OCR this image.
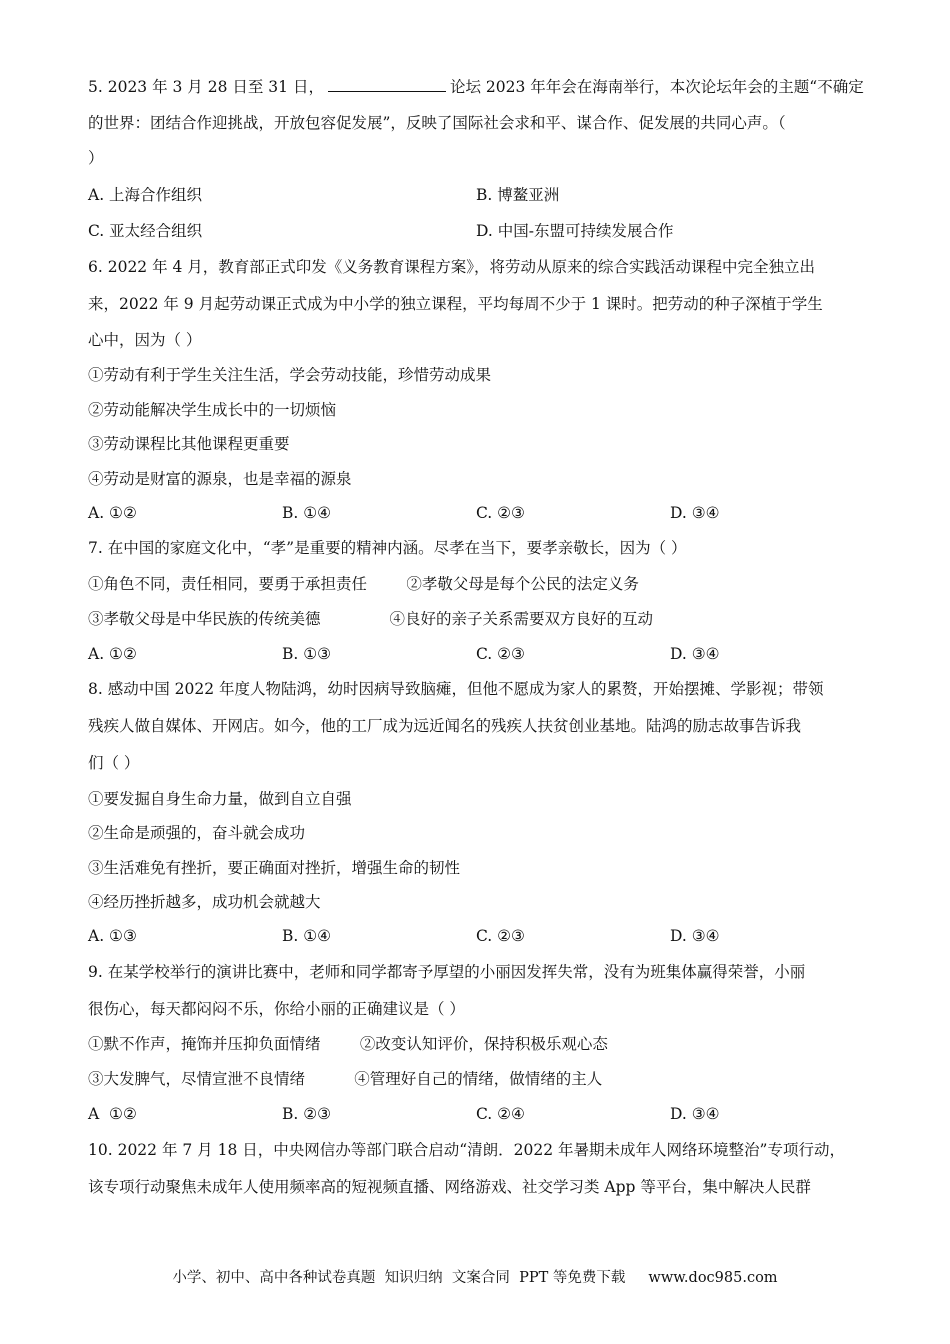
5. 2023 年 3 月 28 日至 31 日，	论坛 2023 年年会在海南举行，本次论坛年会的主题“不确定
的世界：团结合作迎挑战，开放包容促发展”，反映了国际社会求和平、谋合作、促发展的共同心声。（
）
A. 上海合作组织	B. 博鳌亚洲
C. 亚太经合组织	D. 中国-东盟可持续发展合作
6. 2022 年 4 月，教育部正式印发《义务教育课程方案》，将劳动从原来的综合实践活动课程中完全独立出
来，2022 年 9 月起劳动课正式成为中小学的独立课程，平均每周不少于 1 课时。把劳动的种子深植于学生
心中，因为（ ）
①劳动有利于学生关注生活，学会劳动技能，珍惜劳动成果
②劳动能解决学生成长中的一切烦恼
③劳动课程比其他课程更重要
④劳动是财富的源泉，也是幸福的源泉
A. ①②	B. ①④	C. ②③	D. ③④
7. 在中国的家庭文化中，“孝”是重要的精神内涵。尽孝在当下，要孝亲敬长，因为（ ）
①角色不同，责任相同，要勇于承担责任        ②孝敬父母是每个公民的法定义务
③孝敬父母是中华民族的传统美德              ④良好的亲子关系需要双方良好的互动
A. ①②	B. ①③	C. ②③	D. ③④
8. 感动中国 2022 年度人物陆鸿，幼时因病导致脑瘫，但他不愿成为家人的累赘，开始摆摊、学影视；带领
残疾人做自媒体、开网店。如今，他的工厂成为远近闻名的残疾人扶贫创业基地。陆鸿的励志故事告诉我
们（ ）
①要发掘自身生命力量，做到自立自强
②生命是顽强的，奋斗就会成功
③生活难免有挫折，要正确面对挫折，增强生命的韧性
④经历挫折越多，成功机会就越大
A. ①③	B. ①④	C. ②③	D. ③④
9. 在某学校举行的演讲比赛中，老师和同学都寄予厚望的小丽因发挥失常，没有为班集体赢得荣誉，小丽
很伤心，每天都闷闷不乐，你给小丽的正确建议是（ ）
①默不作声，掩饰并压抑负面情绪        ②改变认知评价，保持积极乐观心态
③大发脾气，尽情宣泄不良情绪          ④管理好自己的情绪，做情绪的主人
A  ①②	B. ②③	C. ②④	D. ③④
10. 2022 年 7 月 18 日，中央网信办等部门联合启动“清朗．2022 年暑期未成年人网络环境整治”专项行动，
该专项行动聚焦未成年人使用频率高的短视频直播、网络游戏、社交学习类 App 等平台，集中解决人民群
小学、初中、高中各种试卷真题  知识归纳  文案合同  PPT 等免费下载     www.doc985.com
